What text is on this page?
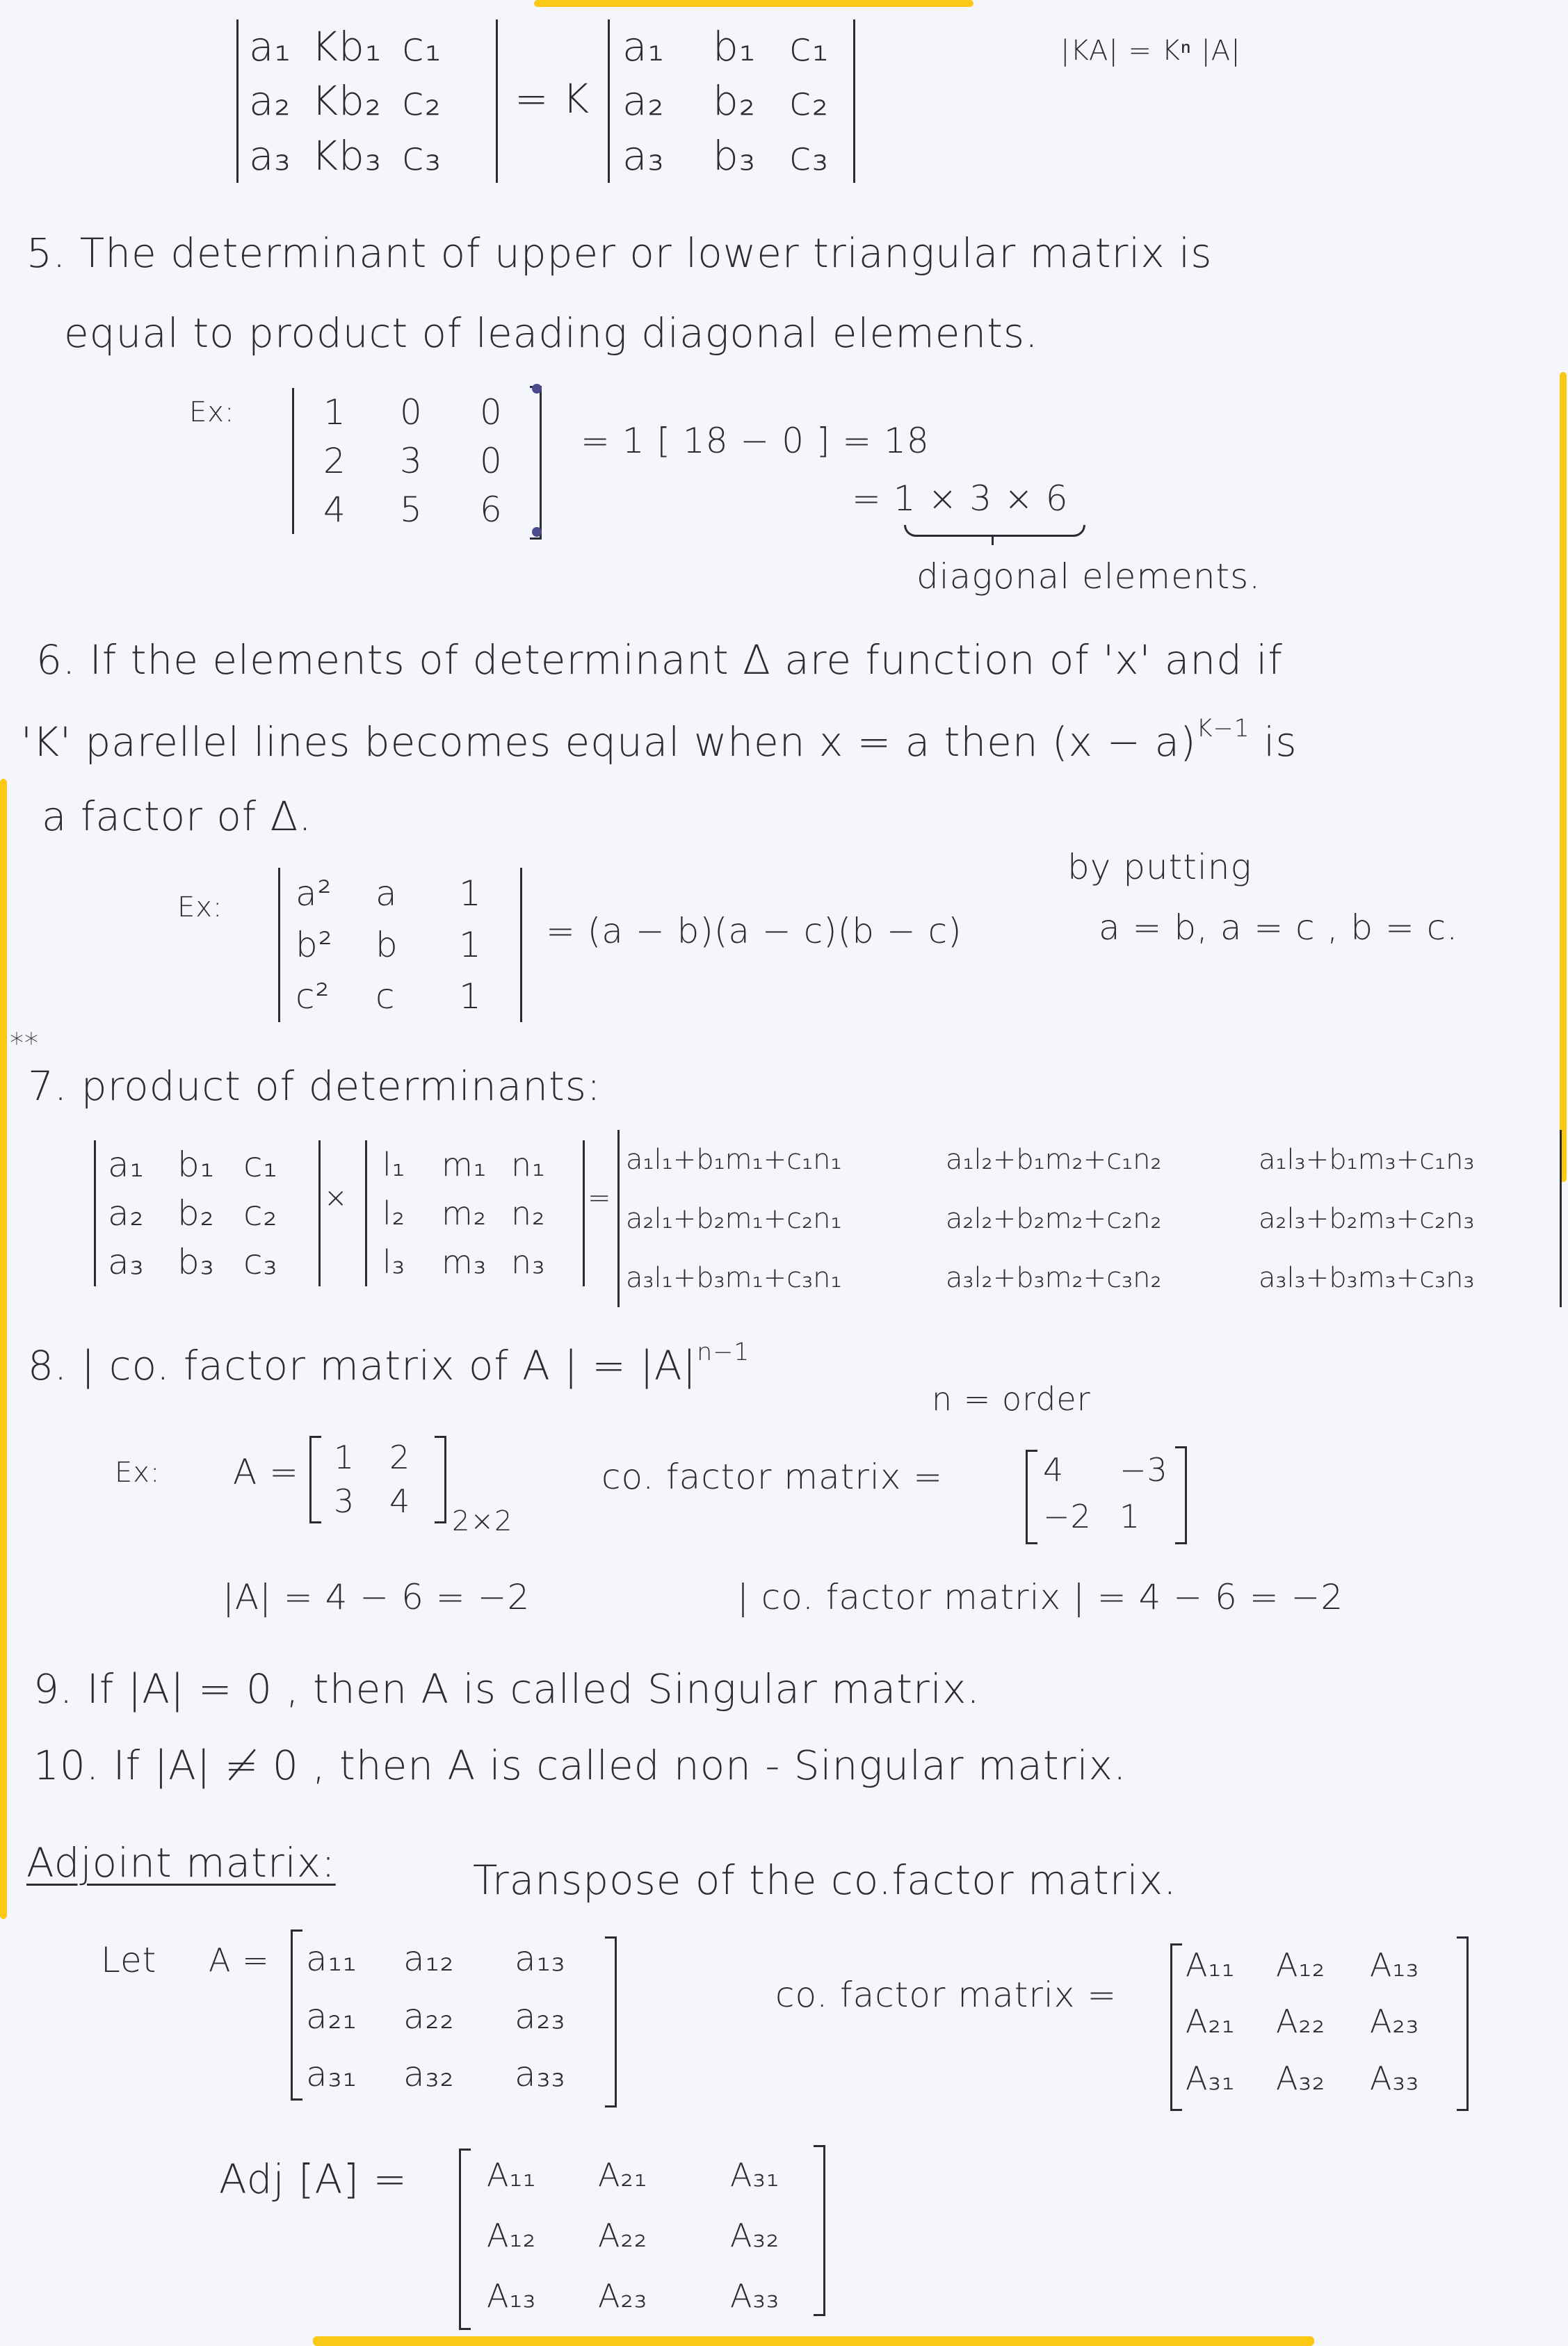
a₁ Kb₁ c₁
a₂ Kb₂ c₂
a₃ Kb₃ c₃
= K
a₁ b₁ c₁
a₂ b₂ c₂
a₃ b₃ c₃
|KA| = Kⁿ |A|
5. The determinant of upper or lower triangular matrix is
equal to product of leading diagonal elements.
Ex:	1 0 0
2 3 0
4 5 6
= 1 [ 18 − 0 ] = 18
= 1 × 3 × 6
diagonal elements.
6. If the elements of determinant Δ are function of 'x' and if
'K' parellel lines becomes equal when x = a then $(x - a)^{K-1}$ is
a factor of Δ.
Ex: a² a 1
b² b 1
c² c 1
= (a − b)(a − c)(b − c)
by putting
a = b, a = c , b = c.
**
7. product of determinants:
a₁ b₁ c₁
a₂ b₂ c₂
a₃ b₃ c₃
×
l₁ m₁ n₁
l₂ m₂ n₂
l₃ m₃ n₃
=
a₁l₁+b₁m₁+c₁n₁	a₁l₂+b₁m₂+c₁n₂	a₁l₃+b₁m₃+c₁n₃
a₂l₁+b₂m₁+c₂n₁	a₂l₂+b₂m₂+c₂n₂	a₂l₃+b₂m₃+c₂n₃
a₃l₁+b₃m₁+c₃n₁	a₃l₂+b₃m₂+c₃n₂	a₃l₃+b₃m₃+c₃n₃
8. | co. factor matrix of A | = $|A|^{n-1}$
n = order
Ex: A = 1 2
3 4
2×2
co. factor matrix =	4 −3
−2 1
|A| = 4 − 6 = −2	| co. factor matrix | = 4 − 6 = −2
9. If |A| = 0 , then A is called Singular matrix.
10. If |A| ≠ 0 , then A is called non - Singular matrix.
Adjoint matrix:	Transpose of the co.factor matrix.
Let A = a₁₁ a₁₂ a₁₃
a₂₁ a₂₂ a₂₃
a₃₁ a₃₂ a₃₃
co. factor matrix =
A₁₁ A₁₂ A₁₃
A₂₁ A₂₂ A₂₃
A₃₁ A₃₂ A₃₃
Adj [A] = A₁₁ A₂₁	A₃₁
A₁₂ A₂₂	A₃₂
A₁₃ A₂₃	A₃₃
